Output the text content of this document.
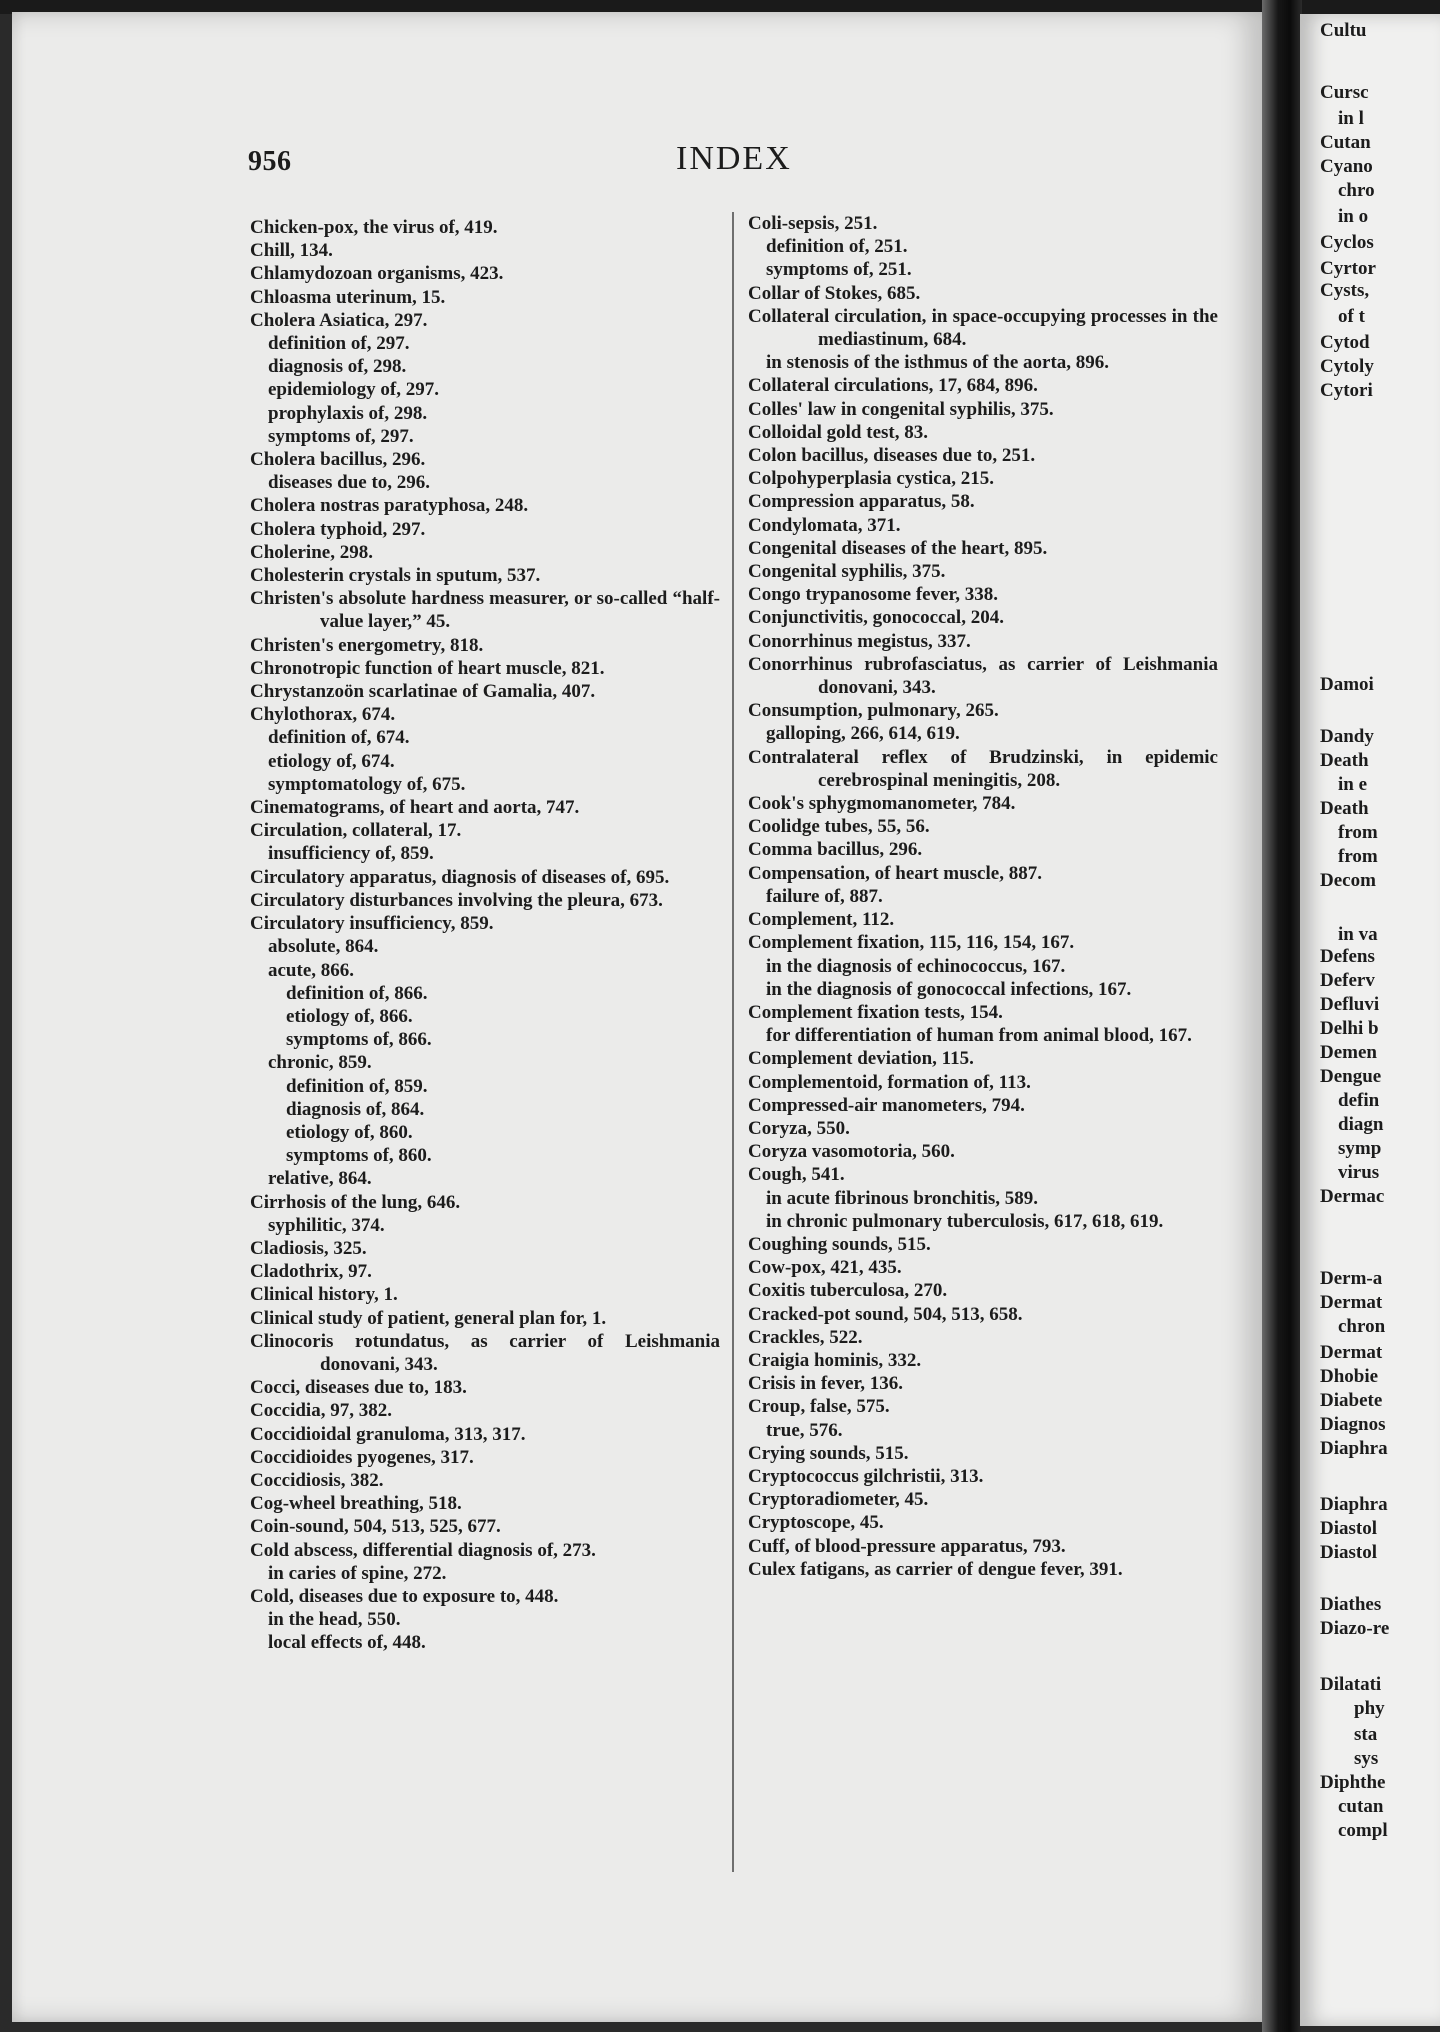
956	INDEX
Chicken-pox, the virus of, 419.
Chill, 134.
Chlamydozoan organisms, 423.
Chloasma uterinum, 15.
Cholera Asiatica, 297.
definition of, 297.
diagnosis of, 298.
epidemiology of, 297.
prophylaxis of, 298.
symptoms of, 297.
Cholera bacillus, 296.
diseases due to, 296.
Cholera nostras paratyphosa, 248.
Cholera typhoid, 297.
Cholerine, 298.
Cholesterin crystals in sputum, 537.
Christen's absolute hardness measurer, or so-called “half-value layer,” 45.
Christen's energometry, 818.
Chronotropic function of heart muscle, 821.
Chrystanzoön scarlatinae of Gamalia, 407.
Chylothorax, 674.
definition of, 674.
etiology of, 674.
symptomatology of, 675.
Cinematograms, of heart and aorta, 747.
Circulation, collateral, 17.
insufficiency of, 859.
Circulatory apparatus, diagnosis of diseases of, 695.
Circulatory disturbances involving the pleura, 673.
Circulatory insufficiency, 859.
absolute, 864.
acute, 866.
definition of, 866.
etiology of, 866.
symptoms of, 866.
chronic, 859.
definition of, 859.
diagnosis of, 864.
etiology of, 860.
symptoms of, 860.
relative, 864.
Cirrhosis of the lung, 646.
syphilitic, 374.
Cladiosis, 325.
Cladothrix, 97.
Clinical history, 1.
Clinical study of patient, general plan for, 1.
Clinocoris rotundatus, as carrier of Leishmania donovani, 343.
Cocci, diseases due to, 183.
Coccidia, 97, 382.
Coccidioidal granuloma, 313, 317.
Coccidioides pyogenes, 317.
Coccidiosis, 382.
Cog-wheel breathing, 518.
Coin-sound, 504, 513, 525, 677.
Cold abscess, differential diagnosis of, 273.
in caries of spine, 272.
Cold, diseases due to exposure to, 448.
in the head, 550.
local effects of, 448.
Coli-sepsis, 251.
definition of, 251.
symptoms of, 251.
Collar of Stokes, 685.
Collateral circulation, in space-occupying processes in the mediastinum, 684.
in stenosis of the isthmus of the aorta, 896.
Collateral circulations, 17, 684, 896.
Colles' law in congenital syphilis, 375.
Colloidal gold test, 83.
Colon bacillus, diseases due to, 251.
Colpohyperplasia cystica, 215.
Compression apparatus, 58.
Condylomata, 371.
Congenital diseases of the heart, 895.
Congenital syphilis, 375.
Congo trypanosome fever, 338.
Conjunctivitis, gonococcal, 204.
Conorrhinus megistus, 337.
Conorrhinus rubrofasciatus, as carrier of Leishmania donovani, 343.
Consumption, pulmonary, 265.
galloping, 266, 614, 619.
Contralateral reflex of Brudzinski, in epidemic cerebrospinal meningitis, 208.
Cook's sphygmomanometer, 784.
Coolidge tubes, 55, 56.
Comma bacillus, 296.
Compensation, of heart muscle, 887.
failure of, 887.
Complement, 112.
Complement fixation, 115, 116, 154, 167.
in the diagnosis of echinococcus, 167.
in the diagnosis of gonococcal infections, 167.
Complement fixation tests, 154.
for differentiation of human from animal blood, 167.
Complement deviation, 115.
Complementoid, formation of, 113.
Compressed-air manometers, 794.
Coryza, 550.
Coryza vasomotoria, 560.
Cough, 541.
in acute fibrinous bronchitis, 589.
in chronic pulmonary tuberculosis, 617, 618, 619.
Coughing sounds, 515.
Cow-pox, 421, 435.
Coxitis tuberculosa, 270.
Cracked-pot sound, 504, 513, 658.
Crackles, 522.
Craigia hominis, 332.
Crisis in fever, 136.
Croup, false, 575.
true, 576.
Crying sounds, 515.
Cryptococcus gilchristii, 313.
Cryptoradiometer, 45.
Cryptoscope, 45.
Cuff, of blood-pressure apparatus, 793.
Culex fatigans, as carrier of dengue fever, 391.
Cultu
Cursc
in l
Cutan
Cyano
chro
in o
Cyclos
Cyrtor
Cysts,
of t
Cytod
Cytoly
Cytori
Damoi
Dandy
Death
in e
Death
from
from
Decom
in va
Defens
Deferv
Defluvi
Delhi b
Demen
Dengue
defin
diagn
symp
virus
Dermac
Derm-a
Dermat
chron
Dermat
Dhobie
Diabete
Diagnos
Diaphra
Diaphra
Diastol
Diastol
Diathes
Diazo-re
Dilatati
phy
sta
sys
Diphthe
cutan
compl
